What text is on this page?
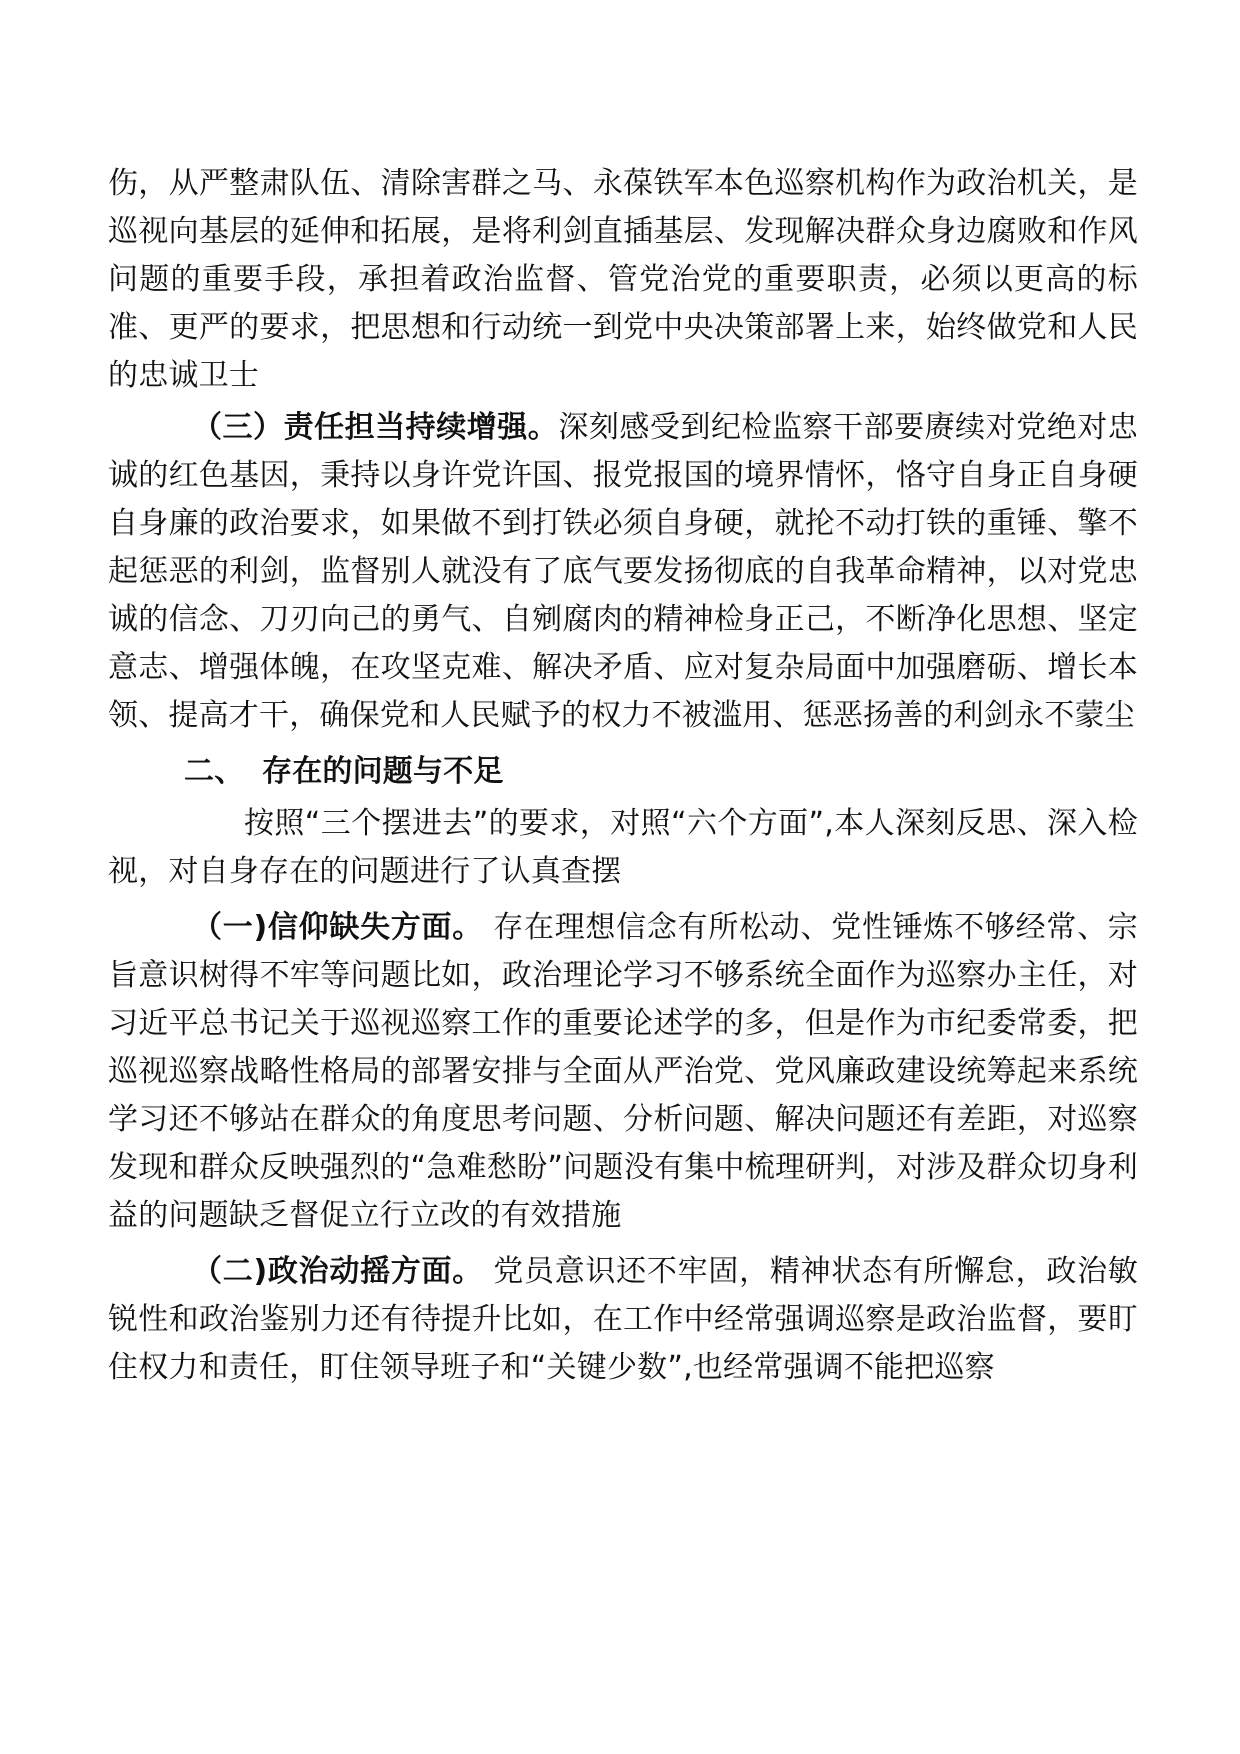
伤，从严整肃队伍、清除害群之马、永葆铁军本色巡察机构作为政治机关，是巡视向基层的延伸和拓展，是将利剑直插基层、发现解决群众身边腐败和作风问题的重要手段，承担着政治监督、管党治党的重要职责，必须以更高的标准、更严的要求，把思想和行动统一到党中央决策部署上来，始终做党和人民的忠诚卫士

（三）责任担当持续增强。深刻感受到纪检监察干部要赓续对党绝对忠诚的红色基因，秉持以身许党许国、报党报国的境界情怀，恪守自身正自身硬自身廉的政治要求，如果做不到打铁必须自身硬，就抡不动打铁的重锤、擎不起惩恶的利剑，监督别人就没有了底气要发扬彻底的自我革命精神，以对党忠诚的信念、刀刃向己的勇气、自剜腐肉的精神检身正己，不断净化思想、坚定意志、增强体魄，在攻坚克难、解决矛盾、应对复杂局面中加强磨砺、增长本领、提高才干，确保党和人民赋予的权力不被滥用、惩恶扬善的利剑永不蒙尘

二、 存在的问题与不足

按照“三个摆进去”的要求，对照“六个方面”,本人深刻反思、深入检视，对自身存在的问题进行了认真查摆

（一)信仰缺失方面。 存在理想信念有所松动、党性锤炼不够经常、宗旨意识树得不牢等问题比如，政治理论学习不够系统全面作为巡察办主任，对习近平总书记关于巡视巡察工作的重要论述学的多，但是作为市纪委常委，把巡视巡察战略性格局的部署安排与全面从严治党、党风廉政建设统筹起来系统学习还不够站在群众的角度思考问题、分析问题、解决问题还有差距，对巡察发现和群众反映强烈的“急难愁盼”问题没有集中梳理研判，对涉及群众切身利益的问题缺乏督促立行立改的有效措施

（二)政治动摇方面。 党员意识还不牢固，精神状态有所懈怠，政治敏锐性和政治鉴别力还有待提升比如，在工作中经常强调巡察是政治监督，要盯住权力和责任，盯住领导班子和“关键少数”,也经常强调不能把巡察
